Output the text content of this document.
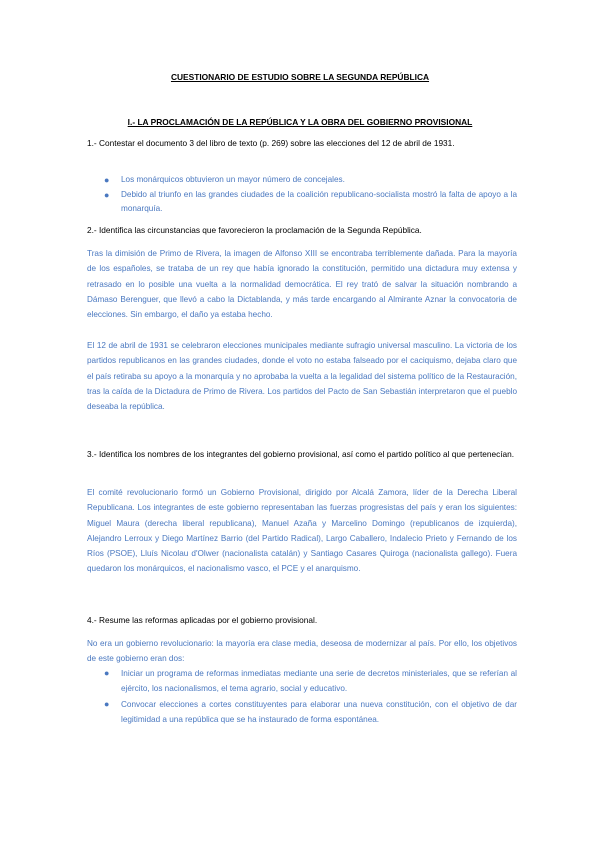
CUESTIONARIO DE ESTUDIO SOBRE LA SEGUNDA REPÚBLICA
I.- LA PROCLAMACIÓN DE LA REPÚBLICA Y LA OBRA DEL GOBIERNO PROVISIONAL
1.- Contestar el documento 3 del libro de texto (p. 269) sobre las elecciones del 12 de abril de 1931.
● Los monárquicos obtuvieron un mayor número de concejales.
● Debido al triunfo en las grandes ciudades de la coalición republicano-socialista mostró la falta de apoyo a la monarquía.
2.- Identifica las circunstancias que favorecieron la proclamación de la Segunda República.
Tras la dimisión de Primo de Rivera, la imagen de Alfonso XIII se encontraba terriblemente dañada. Para la mayoría de los españoles, se trataba de un rey que había ignorado la constitución, permitido una dictadura muy extensa y retrasado en lo posible una vuelta a la normalidad democrática. El rey trató de salvar la situación nombrando a Dámaso Berenguer, que llevó a cabo la Dictablanda, y más tarde encargando al Almirante Aznar la convocatoria de elecciones. Sin embargo, el daño ya estaba hecho.
El 12 de abril de 1931 se celebraron elecciones municipales mediante sufragio universal masculino. La victoria de los partidos republicanos en las grandes ciudades, donde el voto no estaba falseado por el caciquismo, dejaba claro que el país retiraba su apoyo a la monarquía y no aprobaba la vuelta a la legalidad del sistema político de la Restauración, tras la caída de la Dictadura de Primo de Rivera. Los partidos del Pacto de San Sebastián interpretaron que el pueblo deseaba la república.
3.- Identifica los nombres de los integrantes del gobierno provisional, así como el partido político al que pertenecían.
El comité revolucionario formó un Gobierno Provisional, dirigido por Alcalá Zamora, líder de la Derecha Liberal Republicana. Los integrantes de este gobierno representaban las fuerzas progresistas del país y eran los siguientes: Miguel Maura (derecha liberal republicana), Manuel Azaña y Marcelino Domingo (republicanos de izquierda), Alejandro Lerroux y Diego Martínez Barrio (del Partido Radical), Largo Caballero, Indalecio Prieto y Fernando de los Ríos (PSOE), Lluís Nicolau d'Olwer (nacionalista catalán) y Santiago Casares Quiroga (nacionalista gallego). Fuera quedaron los monárquicos, el nacionalismo vasco, el PCE y el anarquismo.
4.- Resume las reformas aplicadas por el gobierno provisional.
No era un gobierno revolucionario: la mayoría era clase media, deseosa de modernizar al país. Por ello, los objetivos de este gobierno eran dos:
● Iniciar un programa de reformas inmediatas mediante una serie de decretos ministeriales, que se referían al ejército, los nacionalismos, el tema agrario, social y educativo.
● Convocar elecciones a cortes constituyentes para elaborar una nueva constitución, con el objetivo de dar legitimidad a una república que se ha instaurado de forma espontánea.
